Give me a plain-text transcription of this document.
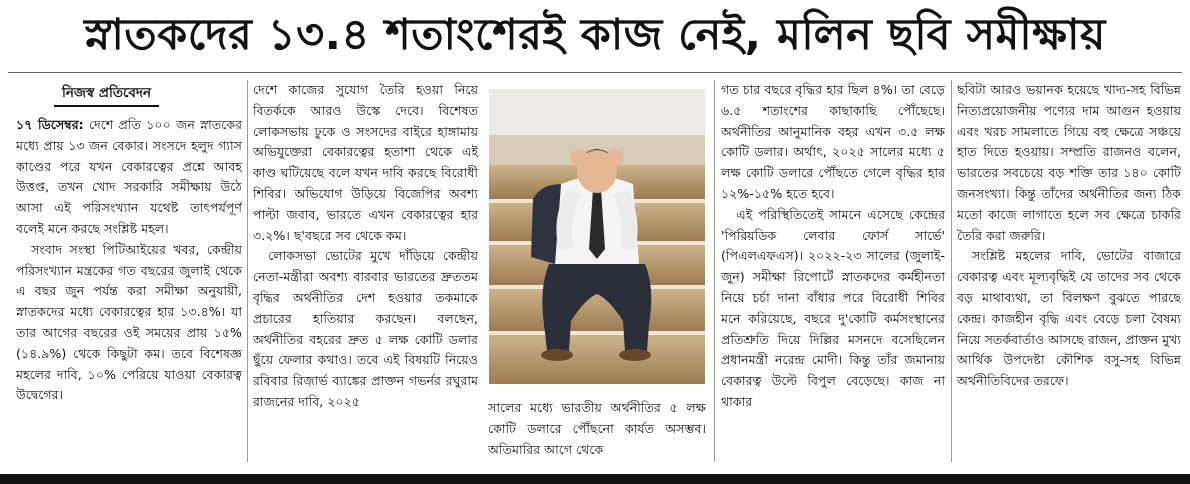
স্নাতকদের ১৩.৪ শতাংশেরই কাজ নেই, মলিন ছবি সমীক্ষায়
নিজস্ব প্রতিবেদন

১৭ ডিসেম্বর: দেশে প্রতি ১০০ জন স্নাতকের মধ্যে প্রায় ১৩ জন বেকার। সংসদে হলুদ গ্যাস কাণ্ডের পরে যখন বেকারত্বের প্রশ্নে আবহ উত্তপ্ত, তখন খোদ সরকারি সমীক্ষায় উঠে আসা এই পরিসংখ্যান যথেষ্ট তাৎপর্যপূর্ণ বলেই মনে করছে সংশ্লিষ্ট মহল।

সংবাদ সংস্থা পিটিআইয়ের খবর, কেন্দ্রীয় পরিসংখ্যান মন্ত্রকের গত বছরের জুলাই থেকে এ বছর জুন পর্যন্ত করা সমীক্ষা অনুযায়ী, স্নাতকদের মধ্যে বেকারত্বের হার ১৩.৪%। যা তার আগের বছরের ওই সময়ের প্রায় ১৫% (১৪.৯%) থেকে কিছুটা কম। তবে বিশেষজ্ঞ মহলের দাবি, ১০% পেরিয়ে যাওয়া বেকারত্ব উদ্বেগের।

দেশে কাজের সুযোগ তৈরি হওয়া নিয়ে বিতর্ককে আরও উস্কে দেবে। বিশেষত লোকসভায় ঢুকে ও সংসদের বাইরে হাঙ্গামায় অভিযুক্তেরা বেকারত্বের হতাশা থেকে এই কাণ্ড ঘটিয়েছে বলে যখন দাবি করছে বিরোধী শিবির। অভিযোগ উড়িয়ে বিজেপির অবশ্য পাল্টা জবাব, ভারতে এখন বেকারত্বের হার ৩.২%। ছ'বছরে সব থেকে কম।

লোকসভা ভোটের মুখে দাঁড়িয়ে কেন্দ্রীয় নেতা-মন্ত্রীরা অবশ্য বারবার ভারতের দ্রুততম বৃদ্ধির অর্থনীতির দেশ হওয়ার তকমাকে প্রচারের হাতিয়ার করছেন। বলছেন, অর্থনীতির বহরের দ্রুত ৫ লক্ষ কোটি ডলার ছুঁয়ে ফেলার কথাও। তবে এই বিষয়টি নিয়েও রবিবার রিজ়ার্ভ ব্যাঙ্কের প্রাক্তন গভর্নর রঘুরাম রাজনের দাবি, ২০২৫	সালের মধ্যে ভারতীয় অর্থনীতির ৫ লক্ষ কোটি ডলারে পৌঁছনো কার্যত অসম্ভব। অতিমারির আগে থেকে

গত চার বছরে বৃদ্ধির হার ছিল ৪%। তা বেড়ে ৬.৫ শতাংশের কাছাকাছি পৌঁছেছে। অর্থনীতির আনুমানিক বহর এখন ৩.৫ লক্ষ কোটি ডলার। অর্থাৎ, ২০২৫ সালের মধ্যে ৫ লক্ষ কোটি ডলারে পৌঁছতে গেলে বৃদ্ধির হার ১২%-১৫% হতে হবে।

এই পরিস্থিতিতেই সামনে এসেছে কেন্দ্রের 'পিরিয়ডিক লেবার ফোর্স সার্ভে' (পিএলএফএস)। ২০২২-২৩ সালের (জুলাই-জুন) সমীক্ষা রিপোর্টে স্নাতকদের কর্মহীনতা নিয়ে চর্চা দানা বাঁধার পরে বিরোধী শিবির মনে করিয়েছে, বছরে দু'কোটি কর্মসংস্থানের প্রতিশ্রুতি দিয়ে দিল্লির মসনদে বসেছিলেন প্রধানমন্ত্রী নরেন্দ্র মোদী। কিন্তু তাঁর জমানায় বেকারত্ব উল্টে বিপুল বেড়েছে। কাজ না থাকার

ছবিটা আরও ভয়ানক হয়েছে খাদ্য-সহ বিভিন্ন নিত্যপ্রয়োজনীয় পণ্যের দাম আগুন হওয়ায় এবং খরচ সামলাতে গিয়ে বহু ক্ষেত্রে সঞ্চয়ে হাত দিতে হওয়ায়। সম্প্রতি রাজনও বলেন, ভারতের সবচেয়ে বড় শক্তি তার ১৪০ কোটি জনসংখ্যা। কিন্তু তাঁদের অর্থনীতির জন্য ঠিক মতো কাজে লাগাতে হলে সব ক্ষেত্রে চাকরি তৈরি করা জরুরি।

সংশ্লিষ্ট মহলের দাবি, ভোটের বাজারে বেকারত্ব এবং মূল্যবৃদ্ধিই যে তাদের সব থেকে বড় মাথাব্যথা, তা বিলক্ষণ বুঝতে পারছে কেন্দ্র। কাজহীন বৃদ্ধি এবং বেড়ে চলা বৈষম্য নিয়ে সতর্কবার্তাও আসছে রাজন, প্রাক্তন মুখ্য আর্থিক উপদেষ্টা কৌশিক বসু-সহ বিভিন্ন অর্থনীতিবিদের তরফে।
